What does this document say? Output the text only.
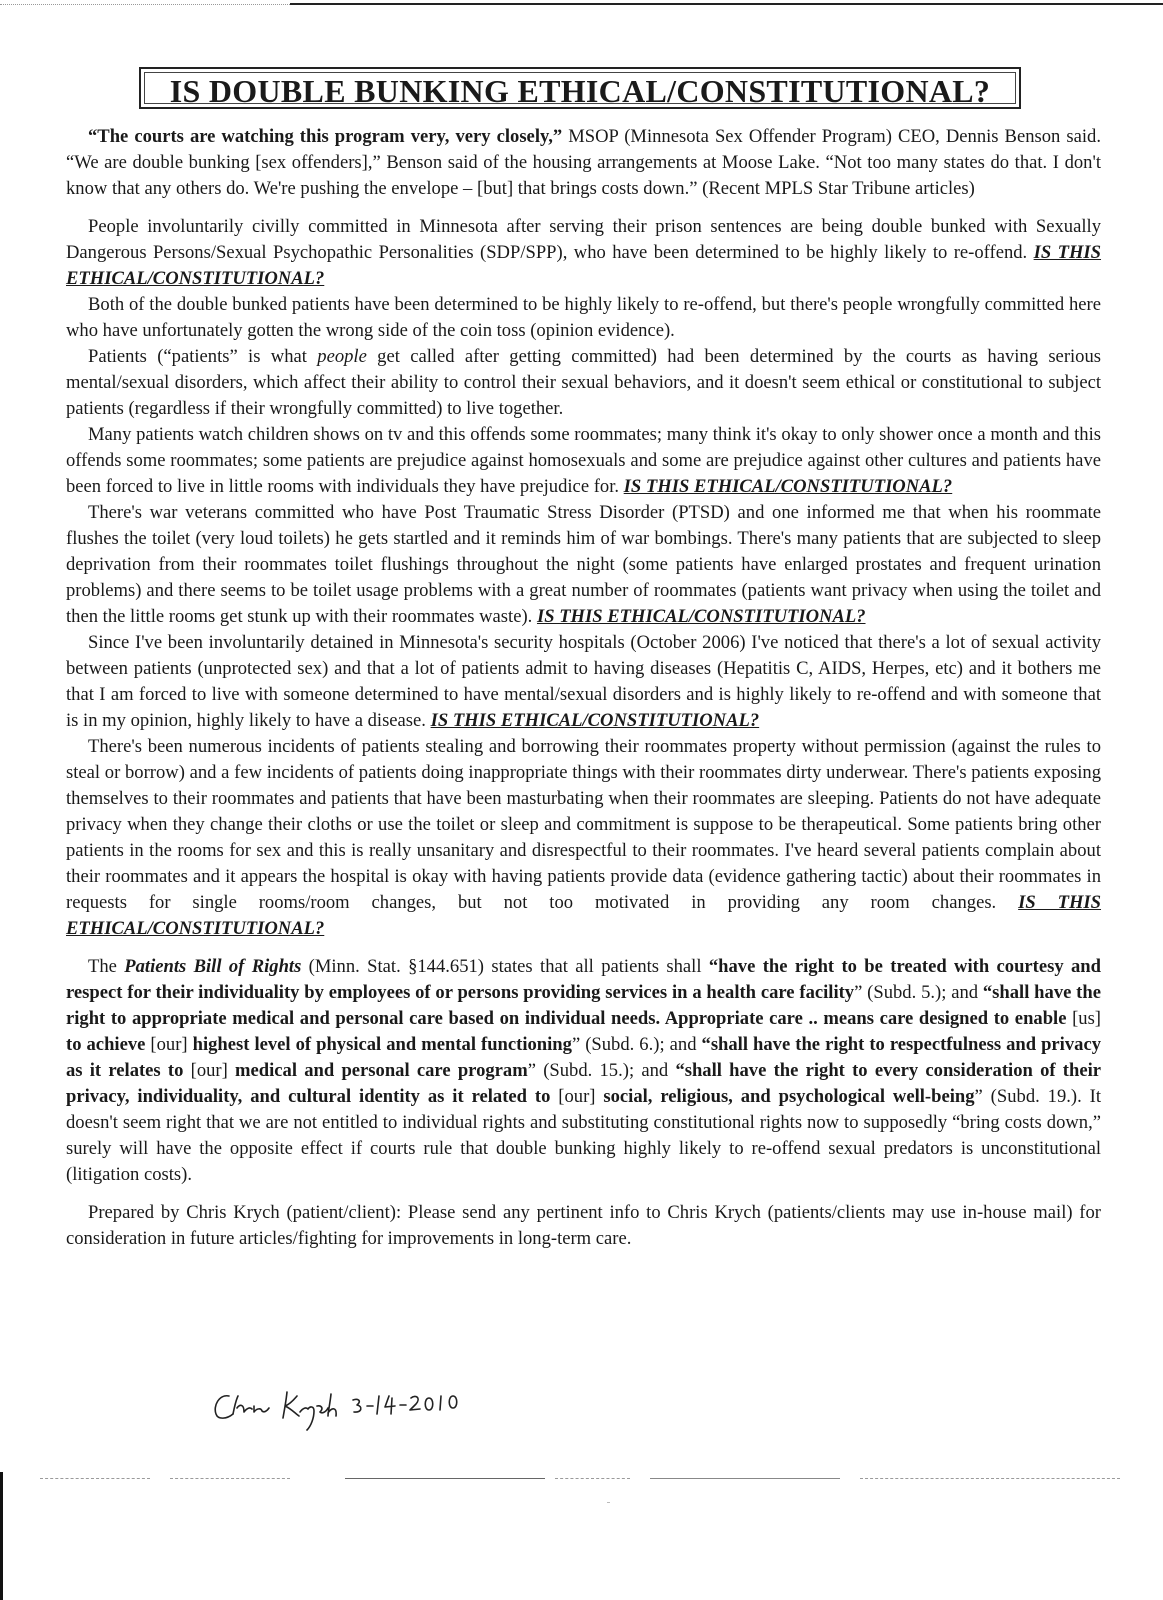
IS DOUBLE BUNKING ETHICAL/CONSTITUTIONAL?

“The courts are watching this program very, very closely,” MSOP (Minnesota Sex Offender Program) CEO, Dennis Benson said. “We are double bunking [sex offenders],” Benson said of the housing arrangements at Moose Lake. “Not too many states do that. I don't know that any others do. We're pushing the envelope – [but] that brings costs down.” (Recent MPLS Star Tribune articles)

People involuntarily civilly committed in Minnesota after serving their prison sentences are being double bunked with Sexually Dangerous Persons/Sexual Psychopathic Personalities (SDP/SPP), who have been determined to be highly likely to re-offend. IS THIS ETHICAL/CONSTITUTIONAL?

Both of the double bunked patients have been determined to be highly likely to re-offend, but there's people wrongfully committed here who have unfortunately gotten the wrong side of the coin toss (opinion evidence).

Patients (“patients” is what people get called after getting committed) had been determined by the courts as having serious mental/sexual disorders, which affect their ability to control their sexual behaviors, and it doesn't seem ethical or constitutional to subject patients (regardless if their wrongfully committed) to live together.

Many patients watch children shows on tv and this offends some roommates; many think it's okay to only shower once a month and this offends some roommates; some patients are prejudice against homosexuals and some are prejudice against other cultures and patients have been forced to live in little rooms with individuals they have prejudice for. IS THIS ETHICAL/CONSTITUTIONAL?

There's war veterans committed who have Post Traumatic Stress Disorder (PTSD) and one informed me that when his roommate flushes the toilet (very loud toilets) he gets startled and it reminds him of war bombings. There's many patients that are subjected to sleep deprivation from their roommates toilet flushings throughout the night (some patients have enlarged prostates and frequent urination problems) and there seems to be toilet usage problems with a great number of roommates (patients want privacy when using the toilet and then the little rooms get stunk up with their roommates waste). IS THIS ETHICAL/CONSTITUTIONAL?

Since I've been involuntarily detained in Minnesota's security hospitals (October 2006) I've noticed that there's a lot of sexual activity between patients (unprotected sex) and that a lot of patients admit to having diseases (Hepatitis C, AIDS, Herpes, etc) and it bothers me that I am forced to live with someone determined to have mental/sexual disorders and is highly likely to re-offend and with someone that is in my opinion, highly likely to have a disease. IS THIS ETHICAL/CONSTITUTIONAL?

There's been numerous incidents of patients stealing and borrowing their roommates property without permission (against the rules to steal or borrow) and a few incidents of patients doing inappropriate things with their roommates dirty underwear. There's patients exposing themselves to their roommates and patients that have been masturbating when their roommates are sleeping. Patients do not have adequate privacy when they change their cloths or use the toilet or sleep and commitment is suppose to be therapeutical. Some patients bring other patients in the rooms for sex and this is really unsanitary and disrespectful to their roommates. I've heard several patients complain about their roommates and it appears the hospital is okay with having patients provide data (evidence gathering tactic) about their roommates in requests for single rooms/room changes, but not too motivated in providing any room changes. IS THIS ETHICAL/CONSTITUTIONAL?

The Patients Bill of Rights (Minn. Stat. §144.651) states that all patients shall “have the right to be treated with courtesy and respect for their individuality by employees of or persons providing services in a health care facility” (Subd. 5.); and “shall have the right to appropriate medical and personal care based on individual needs. Appropriate care .. means care designed to enable [us] to achieve [our] highest level of physical and mental functioning” (Subd. 6.); and “shall have the right to respectfulness and privacy as it relates to [our] medical and personal care program” (Subd. 15.); and “shall have the right to every consideration of their privacy, individuality, and cultural identity as it related to [our] social, religious, and psychological well-being” (Subd. 19.). It doesn't seem right that we are not entitled to individual rights and substituting constitutional rights now to supposedly “bring costs down,” surely will have the opposite effect if courts rule that double bunking highly likely to re-offend sexual predators is unconstitutional (litigation costs).

Prepared by Chris Krych (patient/client): Please send any pertinent info to Chris Krych (patients/clients may use in-house mail) for consideration in future articles/fighting for improvements in long-term care.
